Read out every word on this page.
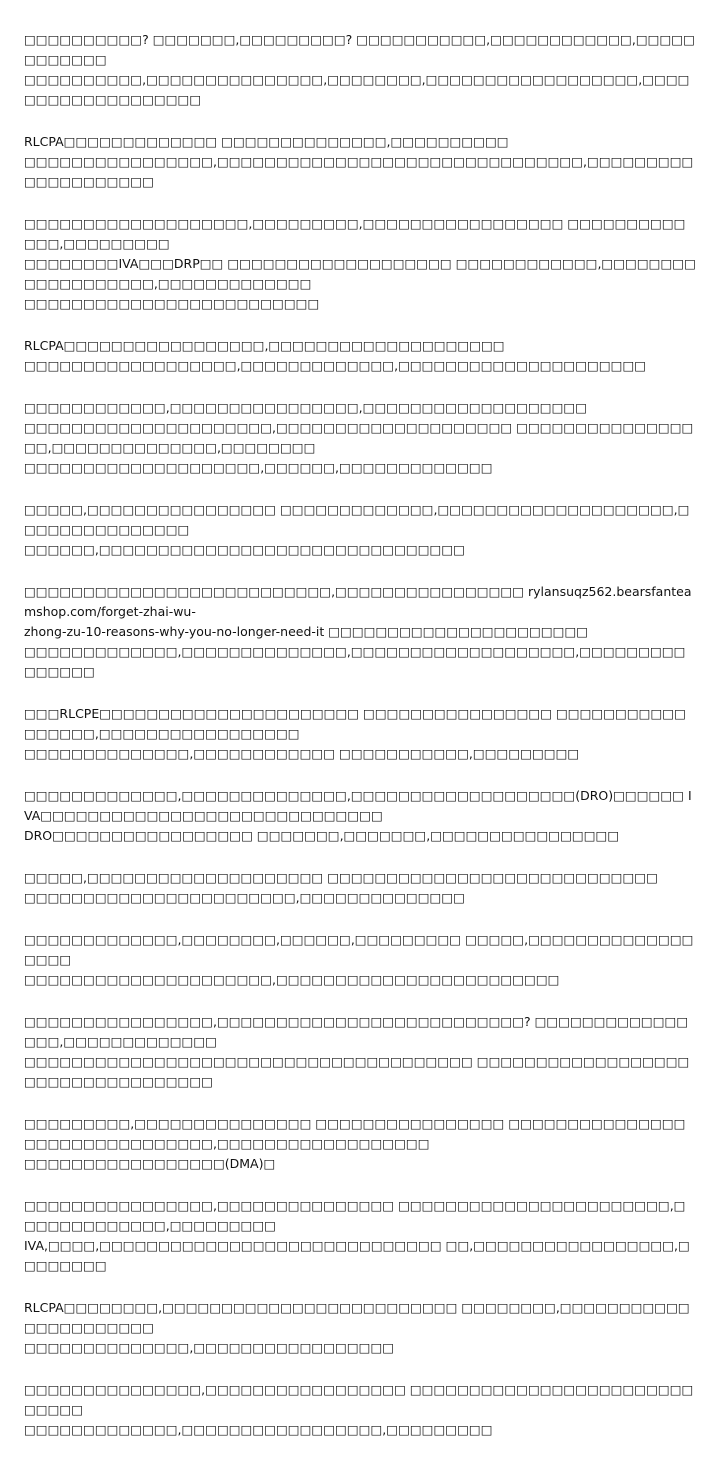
□□□□□□□□□□? □□□□□□□,□□□□□□□□□? □□□□□□□□□□□,□□□□□□□□□□□□,□□□□□□□□□□□□
□□□□□□□□□□,□□□□□□□□□□□□□□□,□□□□□□□□,□□□□□□□□□□□□□□□□□□,□□□□□□□□□□□□□□□□□□□

RLCPA□□□□□□□□□□□□□ □□□□□□□□□□□□□□,□□□□□□□□□□
□□□□□□□□□□□□□□□□,□□□□□□□□□□□□□□□□□□□□□□□□□□□□□□□,□□□□□□□□□□□□□□□□□□□□

□□□□□□□□□□□□□□□□□□□,□□□□□□□□□,□□□□□□□□□□□□□□□□□ □□□□□□□□□□□□□,□□□□□□□□□
□□□□□□□□IVA□□□DRP□□ □□□□□□□□□□□□□□□□□□□ □□□□□□□□□□□□,□□□□□□□□□□□□□□□□□□□,□□□□□□□□□□□□□
□□□□□□□□□□□□□□□□□□□□□□□□□

RLCPA□□□□□□□□□□□□□□□□□,□□□□□□□□□□□□□□□□□□□□
□□□□□□□□□□□□□□□□□□,□□□□□□□□□□□□□,□□□□□□□□□□□□□□□□□□□□□

□□□□□□□□□□□□,□□□□□□□□□□□□□□□□,□□□□□□□□□□□□□□□□□□□
□□□□□□□□□□□□□□□□□□□□□,□□□□□□□□□□□□□□□□□□□□ □□□□□□□□□□□□□□□□□,□□□□□□□□□□□□□□,□□□□□□□□
□□□□□□□□□□□□□□□□□□□□,□□□□□□,□□□□□□□□□□□□□

□□□□□,□□□□□□□□□□□□□□□□ □□□□□□□□□□□□□,□□□□□□□□□□□□□□□□□□□□,□□□□□□□□□□□□□□□
□□□□□□,□□□□□□□□□□□□□□□□□□□□□□□□□□□□□□□

□□□□□□□□□□□□□□□□□□□□□□□□□□,□□□□□□□□□□□□□□□□ rylansuqz562.bearsfanteamshop.com/forget-zhai-wu-
zhong-zu-10-reasons-why-you-no-longer-need-it □□□□□□□□□□□□□□□□□□□□□□
□□□□□□□□□□□□□,□□□□□□□□□□□□□□,□□□□□□□□□□□□□□□□□□□,□□□□□□□□□□□□□□□

□□□RLCPE□□□□□□□□□□□□□□□□□□□□□□ □□□□□□□□□□□□□□□□ □□□□□□□□□□□□□□□□□,□□□□□□□□□□□□□□□□□
□□□□□□□□□□□□□□,□□□□□□□□□□□□ □□□□□□□□□□□,□□□□□□□□□

□□□□□□□□□□□□□,□□□□□□□□□□□□□□,□□□□□□□□□□□□□□□□□□□(DRO)□□□□□□ IVA□□□□□□□□□□□□□□□□□□□□□□□□□□□□□
DRO□□□□□□□□□□□□□□□□□ □□□□□□□,□□□□□□□,□□□□□□□□□□□□□□□□

□□□□□,□□□□□□□□□□□□□□□□□□□□ □□□□□□□□□□□□□□□□□□□□□□□□□□□□
□□□□□□□□□□□□□□□□□□□□□□□,□□□□□□□□□□□□□□

□□□□□□□□□□□□□,□□□□□□□□,□□□□□□,□□□□□□□□□ □□□□□,□□□□□□□□□□□□□□□□□□
□□□□□□□□□□□□□□□□□□□□□,□□□□□□□□□□□□□□□□□□□□□□□□

□□□□□□□□□□□□□□□□,□□□□□□□□□□□□□□□□□□□□□□□□□□? □□□□□□□□□□□□□□□□,□□□□□□□□□□□□□
□□□□□□□□□□□□□□□□□□□□□□□□□□□□□□□□□□□□□□ □□□□□□□□□□□□□□□□□□□□□□□□□□□□□□□□□□

□□□□□□□□□,□□□□□□□□□□□□□□□ □□□□□□□□□□□□□□□□ □□□□□□□□□□□□□□□□□□□□□□□□□□□□□□□,□□□□□□□□□□□□□□□□□□
□□□□□□□□□□□□□□□□□(DMA)□

□□□□□□□□□□□□□□□□,□□□□□□□□□□□□□□□ □□□□□□□□□□□□□□□□□□□□□□□,□□□□□□□□□□□□□,□□□□□□□□□
IVA,□□□□,□□□□□□□□□□□□□□□□□□□□□□□□□□□□□ □□,□□□□□□□□□□□□□□□□□,□□□□□□□□

RLCPA□□□□□□□□,□□□□□□□□□□□□□□□□□□□□□□□□□ □□□□□□□□,□□□□□□□□□□□□□□□□□□□□□□
□□□□□□□□□□□□□□,□□□□□□□□□□□□□□□□□

□□□□□□□□□□□□□□□,□□□□□□□□□□□□□□□□□ □□□□□□□□□□□□□□□□□□□□□□□□□□□□□
□□□□□□□□□□□□□,□□□□□□□□□□□□□□□□□,□□□□□□□□□
